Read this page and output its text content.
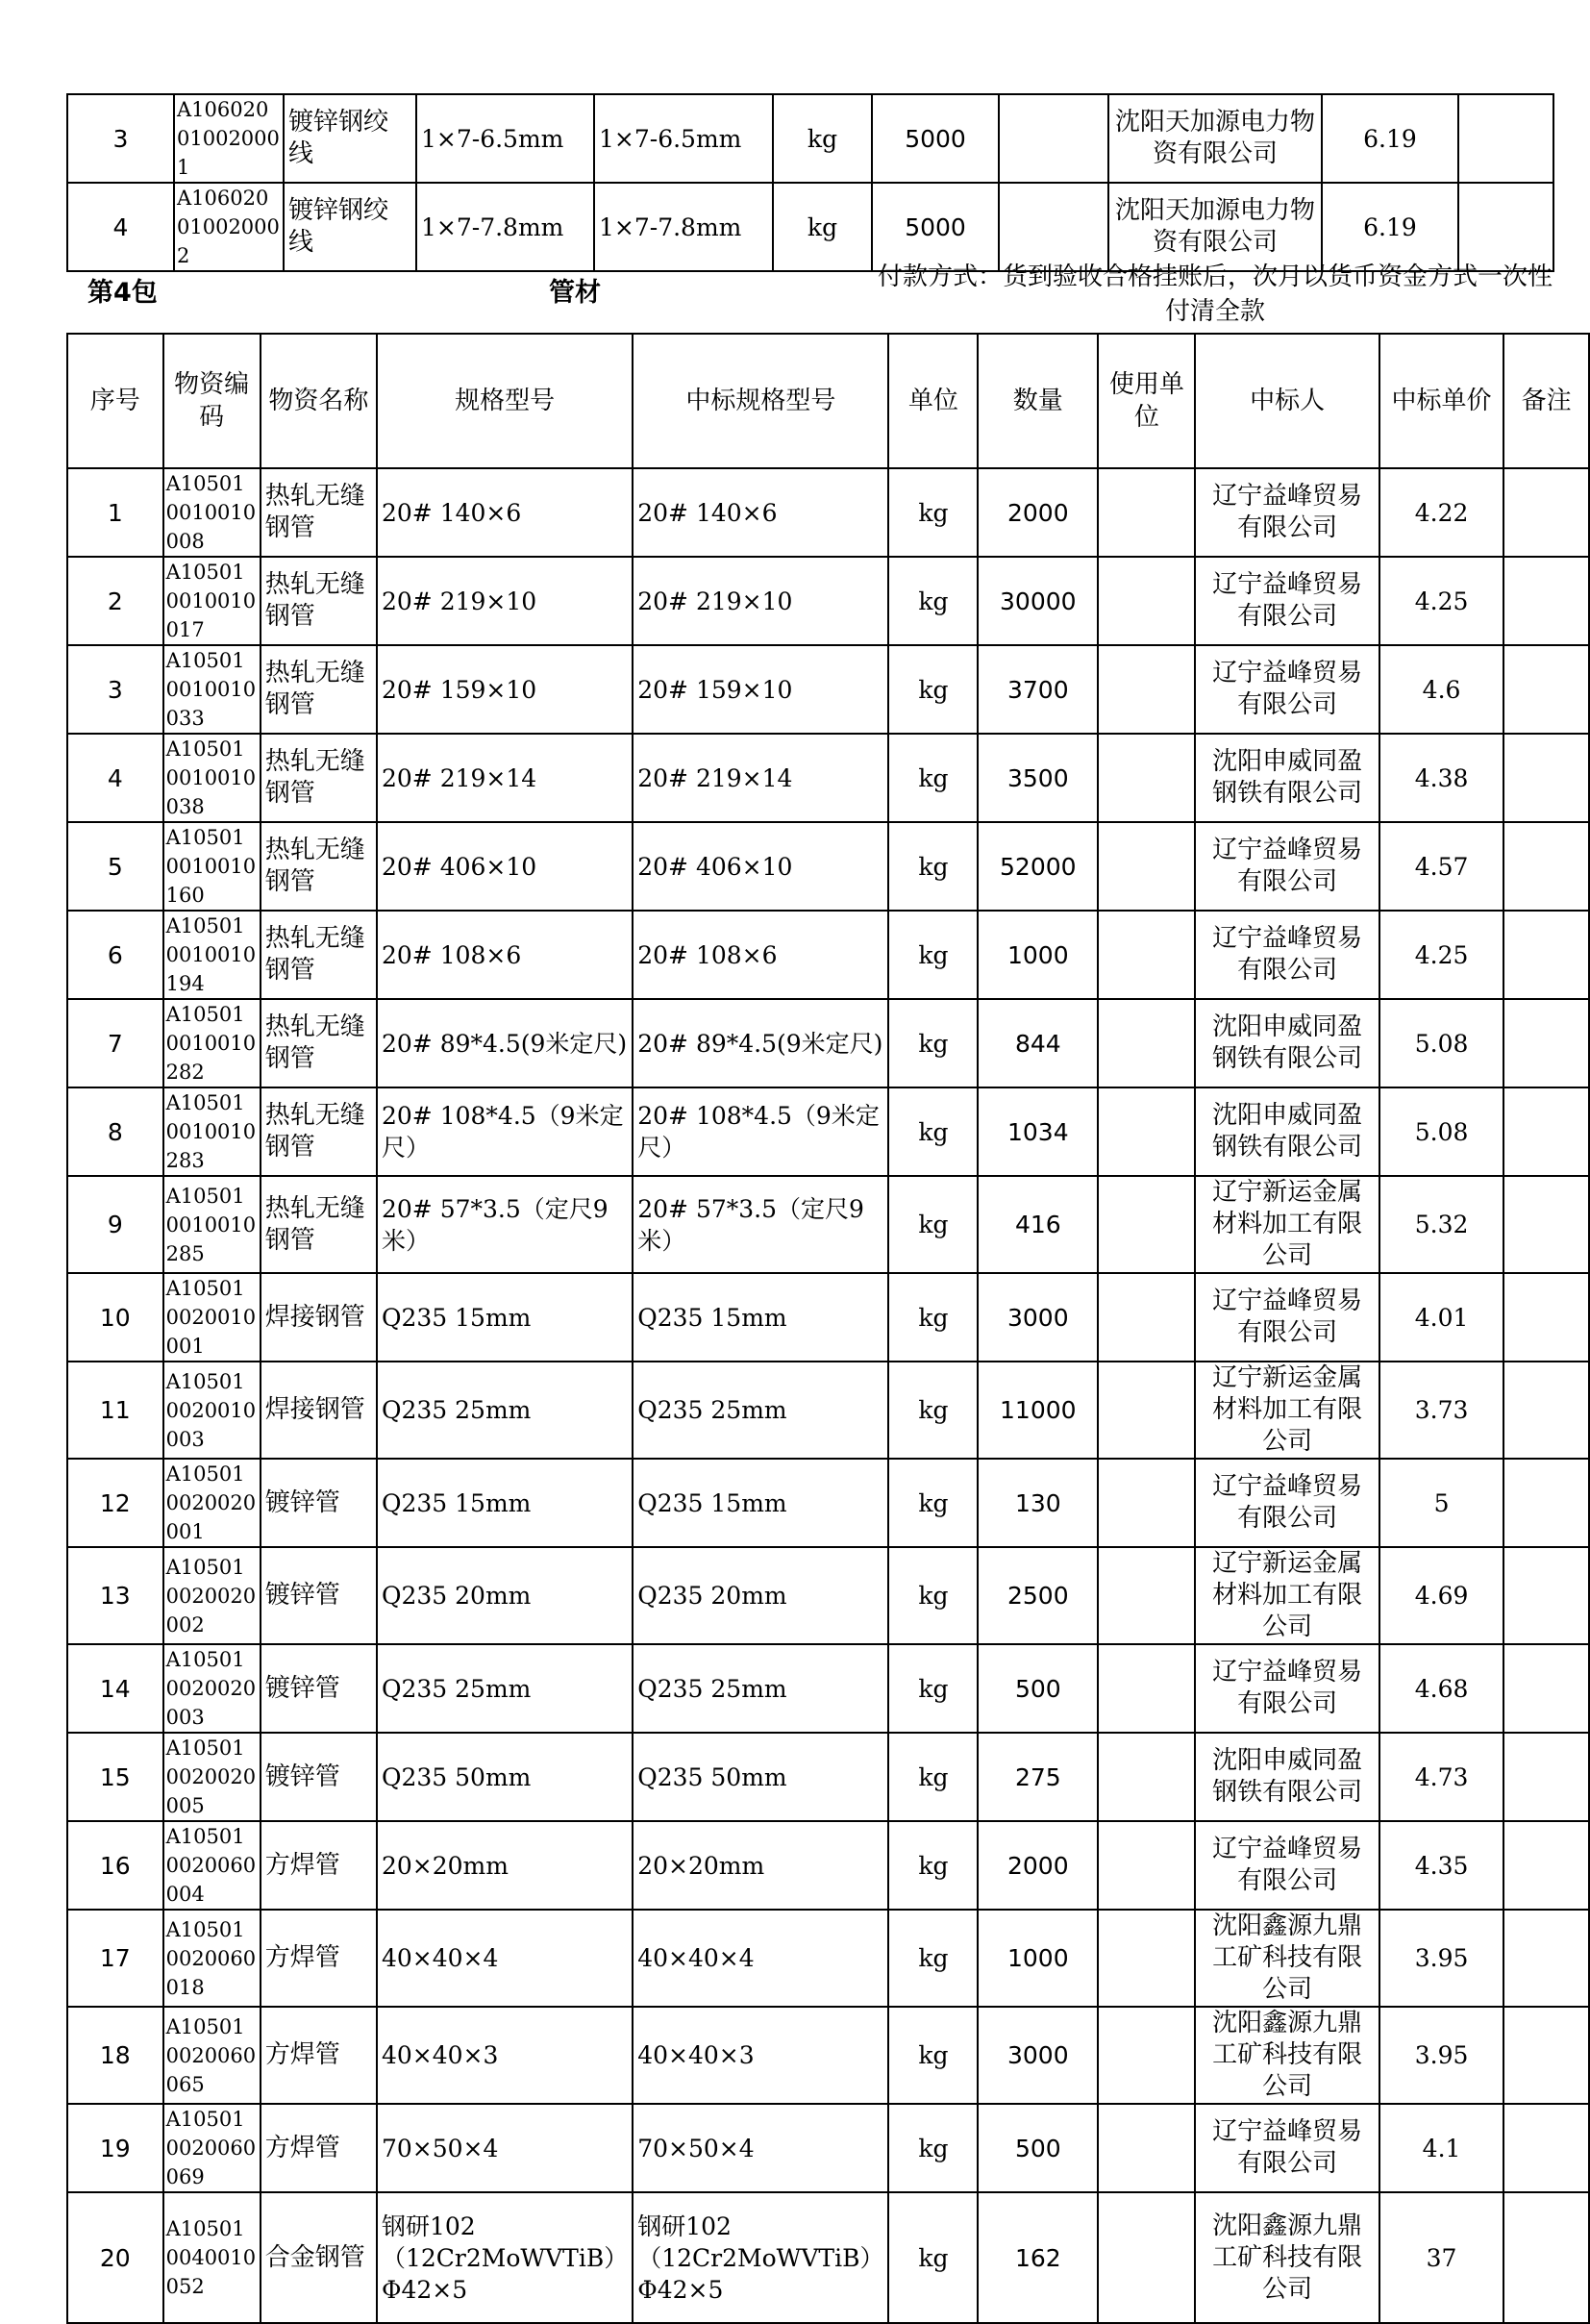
3	A106020010020001	镀锌钢绞线	1×7-6.5mm	1×7-6.5mm	kg	5000		沈阳天加源电力物资有限公司	6.19	
4	A106020010020002	镀锌钢绞线	1×7-7.8mm	1×7-7.8mm	kg	5000		沈阳天加源电力物资有限公司	6.19	
第4包	管材
付款方式：货到验收合格挂账后，次月以货币资金方式一次性付清全款
序号	物资编码	物资名称	规格型号	中标规格型号	单位	数量	使用单位	中标人	中标单价	备注
1	A105010010010008	热轧无缝钢管	20# 140×6	20# 140×6	kg	2000		辽宁益峰贸易有限公司	4.22	
2	A105010010010017	热轧无缝钢管	20# 219×10	20# 219×10	kg	30000		辽宁益峰贸易有限公司	4.25	
3	A105010010010033	热轧无缝钢管	20# 159×10	20# 159×10	kg	3700		辽宁益峰贸易有限公司	4.6	
4	A105010010010038	热轧无缝钢管	20# 219×14	20# 219×14	kg	3500		沈阳申威同盈钢铁有限公司	4.38	
5	A105010010010160	热轧无缝钢管	20# 406×10	20# 406×10	kg	52000		辽宁益峰贸易有限公司	4.57	
6	A105010010010194	热轧无缝钢管	20# 108×6	20# 108×6	kg	1000		辽宁益峰贸易有限公司	4.25	
7	A105010010010282	热轧无缝钢管	20# 89*4.5(9米定尺)	20# 89*4.5(9米定尺)	kg	844		沈阳申威同盈钢铁有限公司	5.08	
8	A105010010010283	热轧无缝钢管	20# 108*4.5（9米定尺）	20# 108*4.5（9米定尺）	kg	1034		沈阳申威同盈钢铁有限公司	5.08	
9	A105010010010285	热轧无缝钢管	20# 57*3.5（定尺9米）	20# 57*3.5（定尺9米）	kg	416		辽宁新运金属材料加工有限公司	5.32	
10	A105010020010001	焊接钢管	Q235 15mm	Q235 15mm	kg	3000		辽宁益峰贸易有限公司	4.01	
11	A105010020010003	焊接钢管	Q235 25mm	Q235 25mm	kg	11000		辽宁新运金属材料加工有限公司	3.73	
12	A105010020020001	镀锌管	Q235 15mm	Q235 15mm	kg	130		辽宁益峰贸易有限公司	5	
13	A105010020020002	镀锌管	Q235 20mm	Q235 20mm	kg	2500		辽宁新运金属材料加工有限公司	4.69	
14	A105010020020003	镀锌管	Q235 25mm	Q235 25mm	kg	500		辽宁益峰贸易有限公司	4.68	
15	A105010020020005	镀锌管	Q235 50mm	Q235 50mm	kg	275		沈阳申威同盈钢铁有限公司	4.73	
16	A105010020060004	方焊管	20×20mm	20×20mm	kg	2000		辽宁益峰贸易有限公司	4.35	
17	A105010020060018	方焊管	40×40×4	40×40×4	kg	1000		沈阳鑫源九鼎工矿科技有限公司	3.95	
18	A105010020060065	方焊管	40×40×3	40×40×3	kg	3000		沈阳鑫源九鼎工矿科技有限公司	3.95	
19	A105010020060069	方焊管	70×50×4	70×50×4	kg	500		辽宁益峰贸易有限公司	4.1	
20	A105010040010052	合金钢管	钢研102（12Cr2MoWVTiB）Φ42×5	钢研102（12Cr2MoWVTiB）Φ42×5	kg	162		沈阳鑫源九鼎工矿科技有限公司	37	
